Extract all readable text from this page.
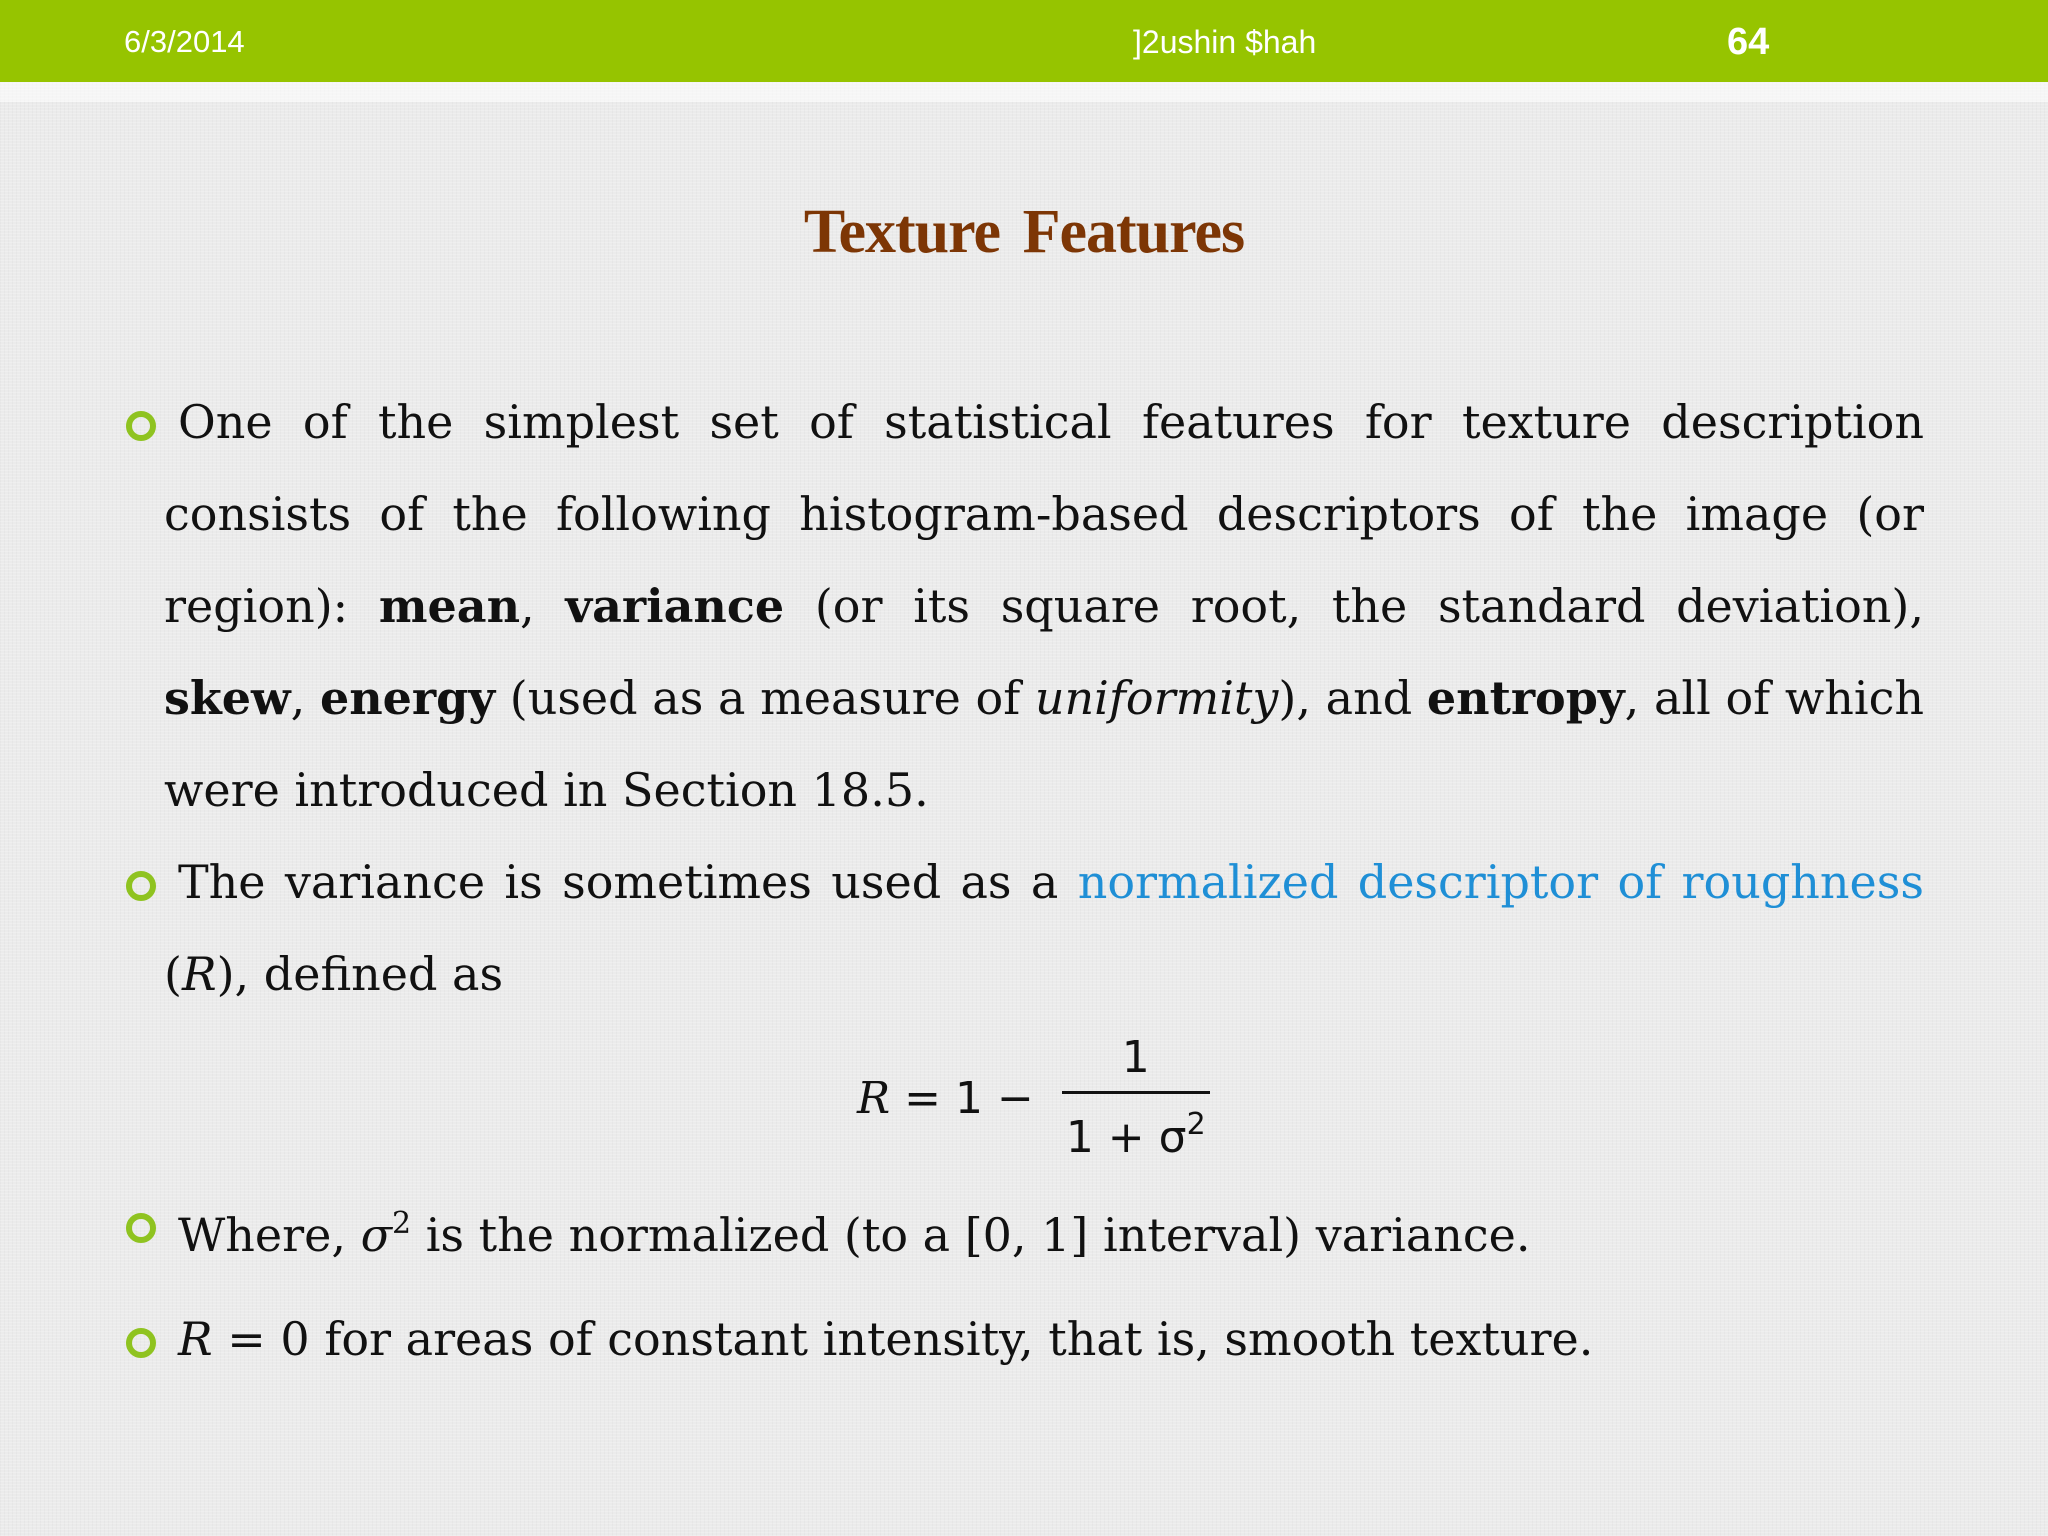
6/3/2014	]2ushin $hah	64
Texture Features
One of the simplest set of statistical features for texture description consists of the following histogram-based descriptors of the image (or region): mean, variance (or its square root, the standard deviation), skew, energy (used as a measure of uniformity), and entropy, all of which were introduced in Section 18.5.
The variance is sometimes used as a normalized descriptor of roughness (R), defined as
$R = 1 - \frac{1}{1 + \sigma^2}$
Where, $\sigma^2$ is the normalized (to a [0, 1] interval) variance.
R = 0 for areas of constant intensity, that is, smooth texture.
